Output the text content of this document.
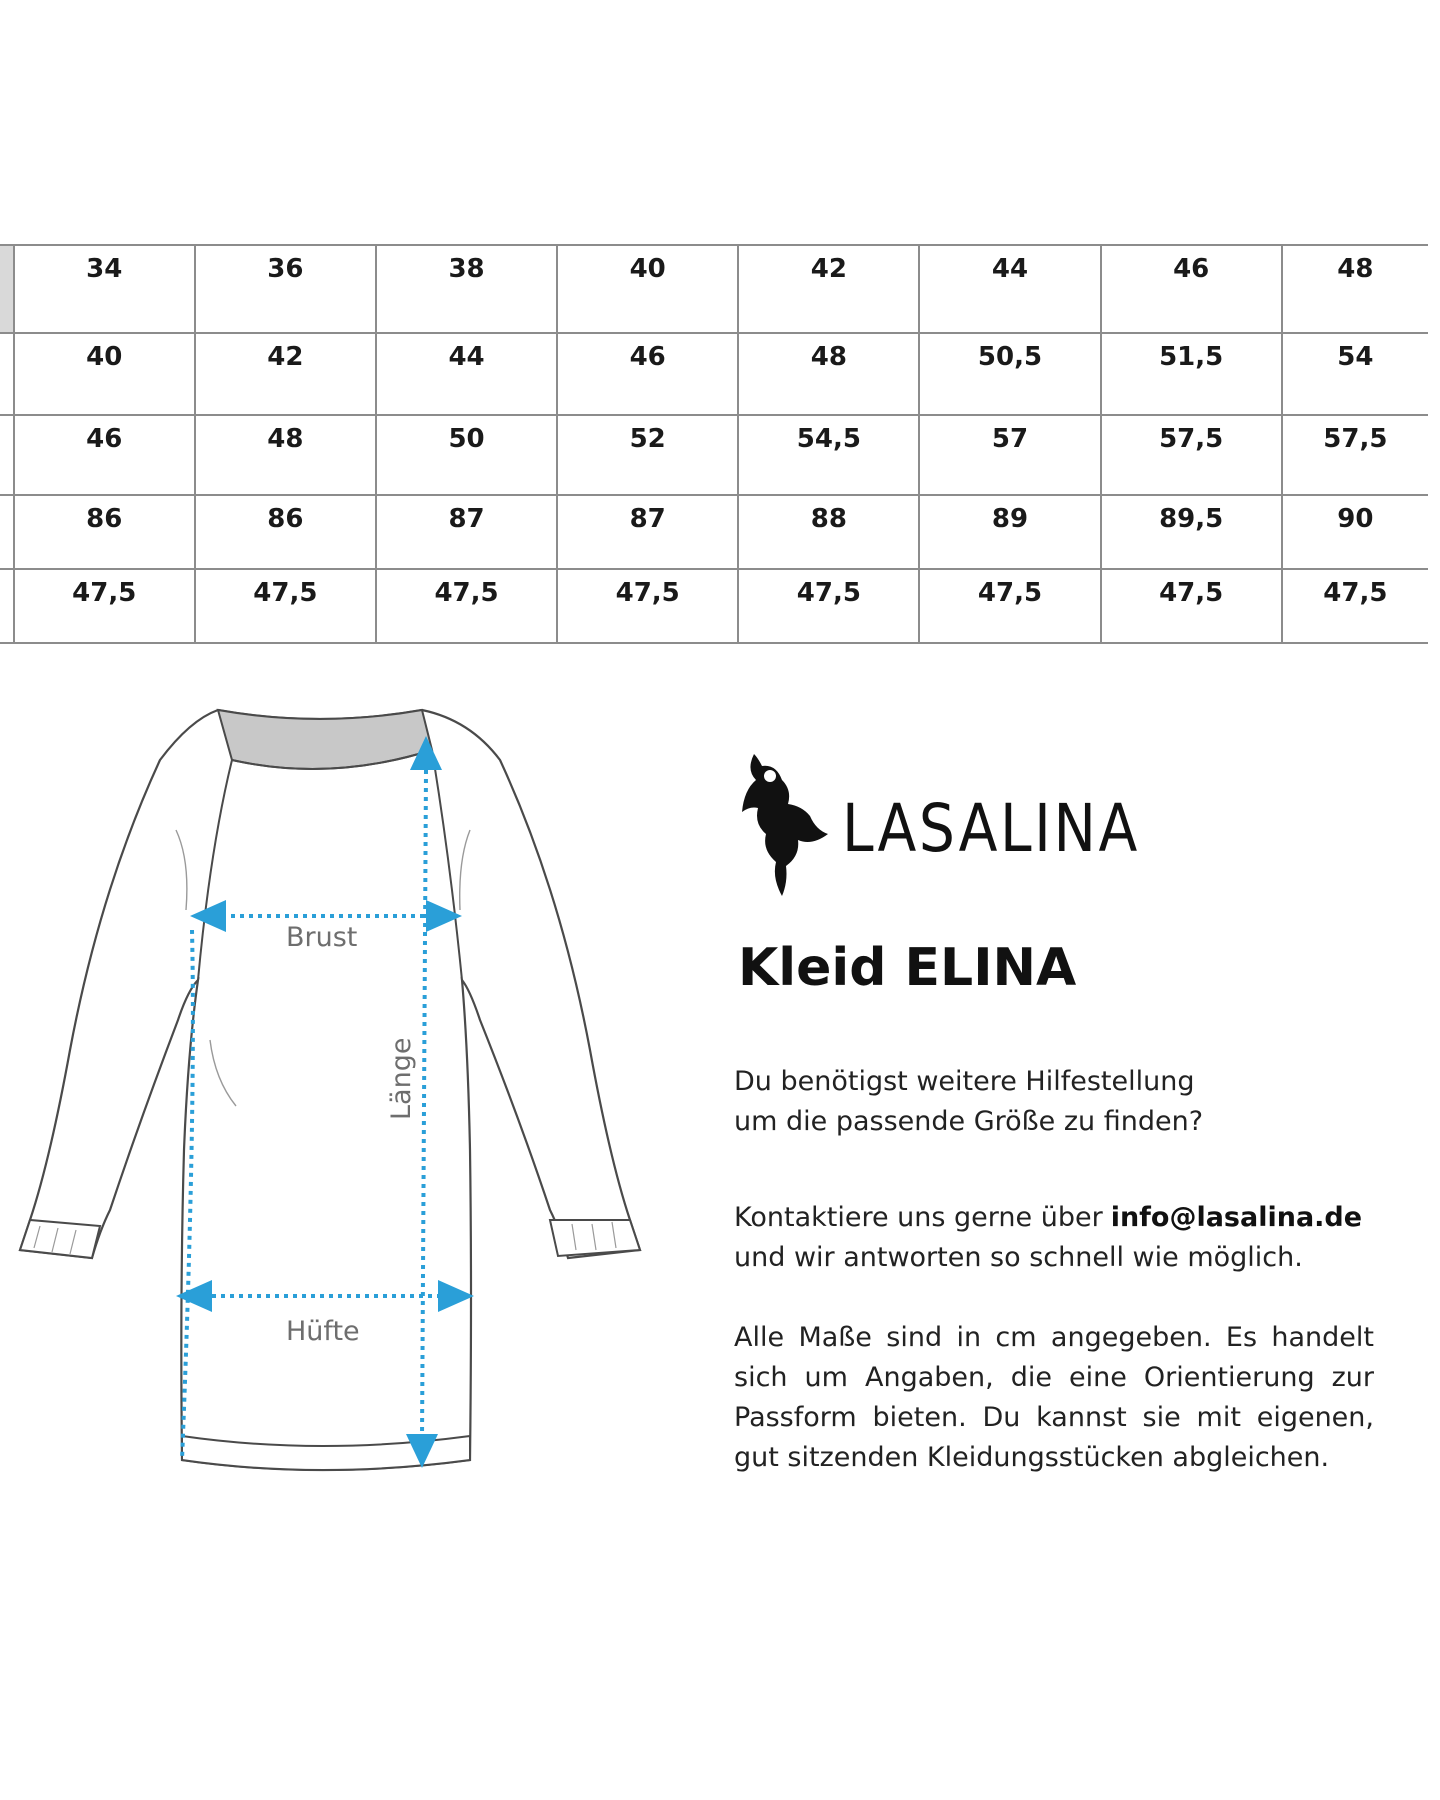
	34	36	38	40	42	44	46	48
	40	42	44	46	48	50,5	51,5	54
	46	48	50	52	54,5	57	57,5	57,5
	86	86	87	87	88	89	89,5	90
	47,5	47,5	47,5	47,5	47,5	47,5	47,5	47,5
Brust
Hüfte
Länge
LASALINA
Kleid ELINA

Du benötigst weitere Hilfestellung
um die passende Größe zu finden?

Kontaktiere uns gerne über info@lasalina.de
und wir antworten so schnell wie möglich.

Alle Maße sind in cm angegeben. Es handelt sich um Angaben, die eine Orientierung zur Passform bieten. Du kannst sie mit eigenen, gut sitzenden Kleidungsstücken abgleichen.
